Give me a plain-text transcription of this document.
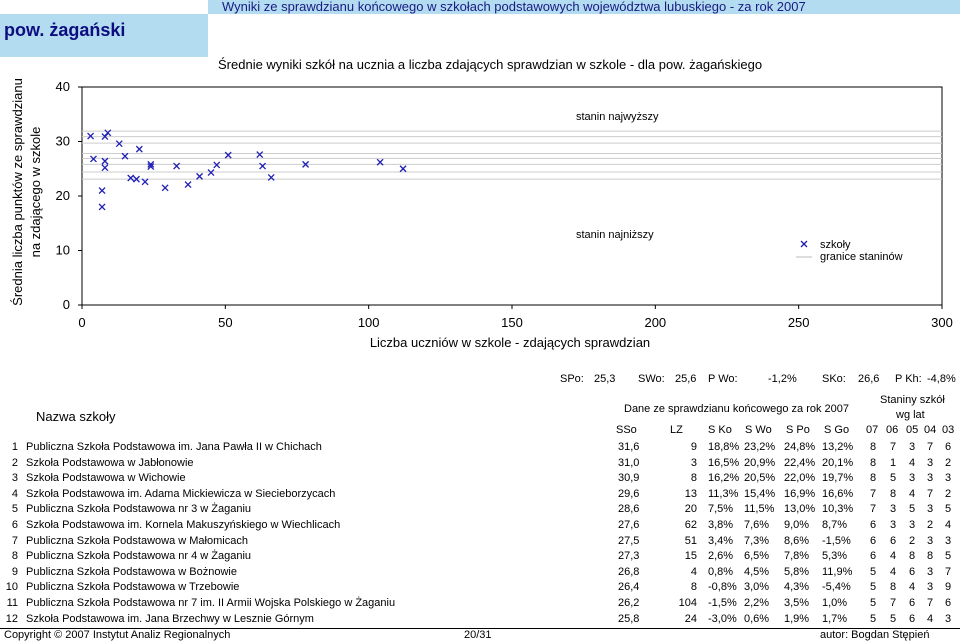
Wyniki ze sprawdzianu końcowego w szkołach podstawowych województwa lubuskiego - za rok 2007
pow. żagański
Średnie wyniki szkół na ucznia a liczba zdających sprawdzian w szkole - dla pow. żagańskiego
Średnia liczba punktów ze sprawdzianu na zdającego w szkole
0
10
20
30
40
0	50	100	150	200	250	300
stanin najwyższy
stanin najniższy
Liczba uczniów w szkole - zdających sprawdzian
szkoły
granice staninów
SPo: 25,3 SWo: 25,6 P Wo:	-1,2% SKo: 26,6 P Kh: -4,8%
Nazwa szkoły	Dane ze sprawdzianu końcowego za rok 2007
Staniny szkół
wg lat
SSo	LZ S Ko S Wo S Po S Go 07 06 05 04 03
1 Publiczna Szkoła Podstawowa im. Jana Pawła II w Chichach	31,6	9 18,8% 23,2% 24,8% 13,2% 8 7 3 7 6
2 Szkoła Podstawowa w Jabłonowie	31,0	3 16,5% 20,9% 22,4% 20,1% 8 1 4 3 2
3 Szkoła Podstawowa w Wichowie	30,9	8 16,2% 20,5% 22,0% 19,7% 8 5 3 3 3
4 Szkoła Podstawowa im. Adama Mickiewicza w Siecieborzycach	29,6	13 11,3% 15,4% 16,9% 16,6% 7 8 4 7 2
5 Publiczna Szkoła Podstawowa nr 3 w Żaganiu	28,6	20 7,5% 11,5% 13,0% 10,3% 7 3 5 3 5
6 Szkoła Podstawowa im. Kornela Makuszyńskiego w Wiechlicach	27,6	62 3,8% 7,6% 9,0% 8,7% 6 3 3 2 4
7 Publiczna Szkoła Podstawowa w Małomicach	27,5	51 3,4% 7,3% 8,6% -1,5% 6 6 2 3 3
8 Publiczna Szkoła Podstawowa nr 4 w Żaganiu	27,3	15 2,6% 6,5% 7,8% 5,3% 6 4 8 8 5
9 Publiczna Szkoła Podstawowa w Bożnowie	26,8	4 0,8% 4,5% 5,8% 11,9% 5 4 6 3 7
10 Publiczna Szkoła Podstawowa w Trzebowie	26,4	8 -0,8% 3,0% 4,3% -5,4% 5 8 4 3 9
11 Publiczna Szkoła Podstawowa nr 7 im. II Armii Wojska Polskiego w Żaganiu	26,2	104 -1,5% 2,2% 3,5% 1,0% 5 7 6 7 6
12 Szkoła Podstawowa im. Jana Brzechwy w Lesznie Górnym	25,8	24 -3,0% 0,6% 1,9% 1,7% 5 5 6 4 3
Copyright © 2007 Instytut Analiz Regionalnych	20/31	autor: Bogdan Stępień
